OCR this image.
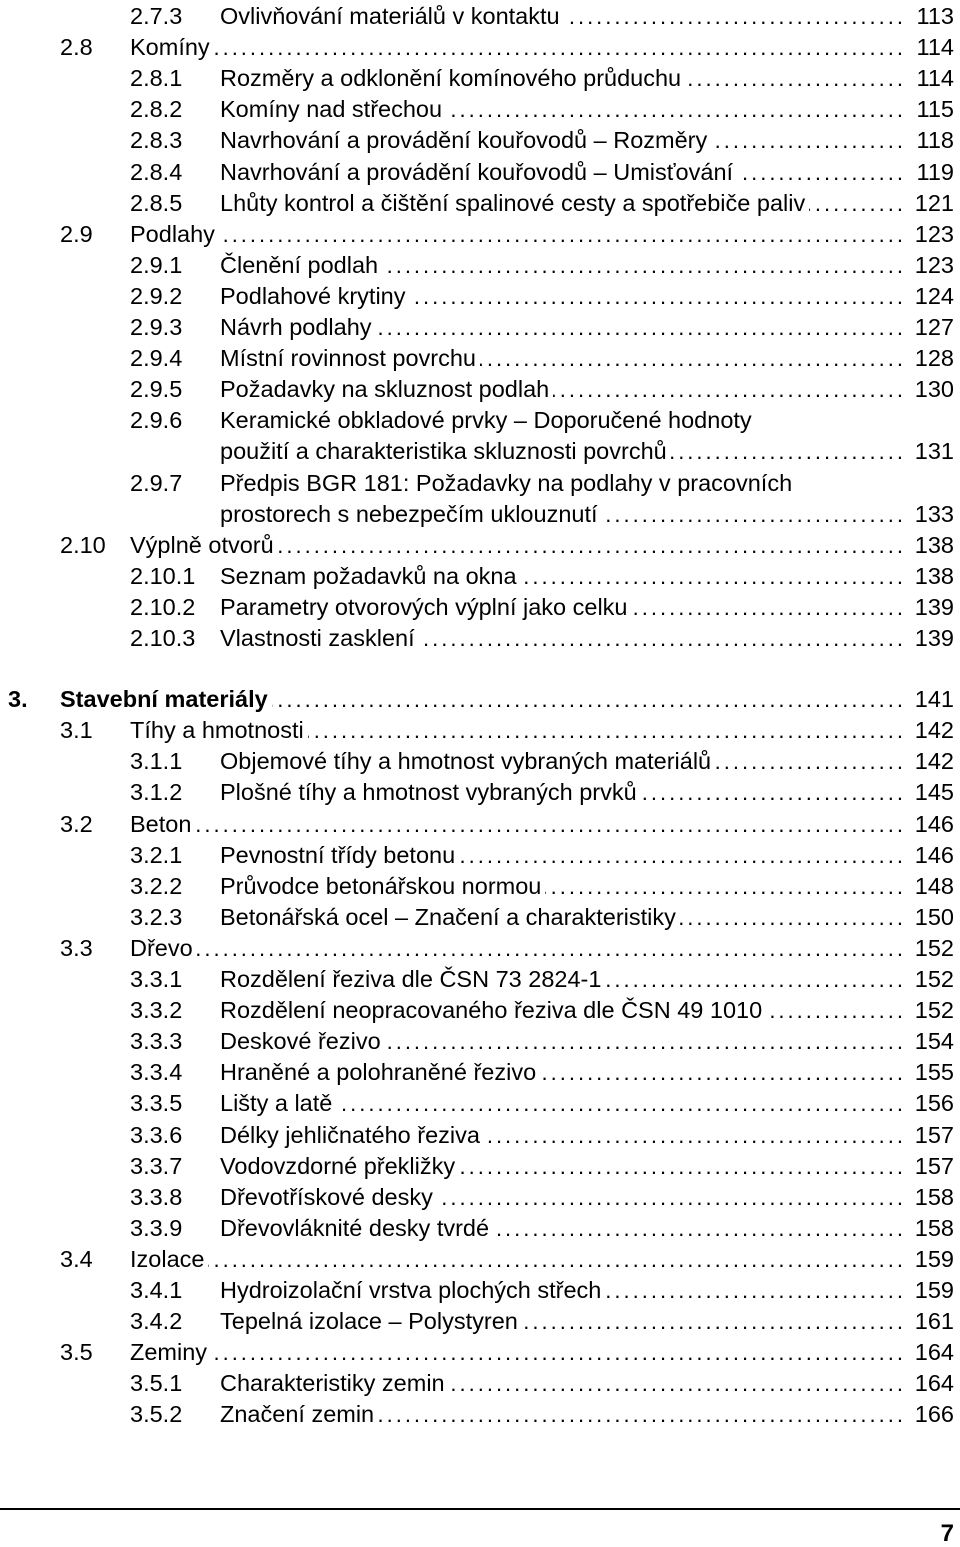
2.7.3 Ovlivňování materiálů v kontaktu .....	113
2.8 Komíny .....	114
2.8.1 Rozměry a odklonění komínového průduchu .....	114
2.8.2 Komíny nad střechou .....	115
2.8.3 Navrhování a provádění kouřovodů – Rozměry .....	118
2.8.4 Navrhování a provádění kouřovodů – Umisťování .....	119
2.8.5 Lhůty kontrol a čištění spalinové cesty a spotřebiče paliv .....	121
2.9 Podlahy .....	123
2.9.1 Členění podlah .....	123
2.9.2 Podlahové krytiny .....	124
2.9.3 Návrh podlahy .....	127
2.9.4 Místní rovinnost povrchu .....	128
2.9.5 Požadavky na skluznost podlah .....	130
2.9.6 Keramické obkladové prvky – Doporučené hodnoty
použití a charakteristika skluznosti povrchů .....	131
2.9.7 Předpis BGR 181: Požadavky na podlahy v pracovních
prostorech s nebezpečím uklouznutí .....	133
2.10 Výplně otvorů .....	138
2.10.1 Seznam požadavků na okna .....	138
2.10.2 Parametry otvorových výplní jako celku .....	139
2.10.3 Vlastnosti zasklení .....	139
3. Stavební materiály .....	141
3.1 Tíhy a hmotnosti .....	142
3.1.1 Objemové tíhy a hmotnost vybraných materiálů .....	142
3.1.2 Plošné tíhy a hmotnost vybraných prvků .....	145
3.2 Beton .....	146
3.2.1 Pevnostní třídy betonu .....	146
3.2.2 Průvodce betonářskou normou .....	148
3.2.3 Betonářská ocel – Značení a charakteristiky .....	150
3.3 Dřevo .....	152
3.3.1 Rozdělení řeziva dle ČSN 73 2824-1 .....	152
3.3.2 Rozdělení neopracovaného řeziva dle ČSN 49 1010 .....	152
3.3.3 Deskové řezivo .....	154
3.3.4 Hraněné a polohraněné řezivo .....	155
3.3.5 Lišty a latě .....	156
3.3.6 Délky jehličnatého řeziva .....	157
3.3.7 Vodovzdorné překližky .....	157
3.3.8 Dřevotřískové desky .....	158
3.3.9 Dřevovláknité desky tvrdé .....	158
3.4 Izolace .....	159
3.4.1 Hydroizolační vrstva plochých střech .....	159
3.4.2 Tepelná izolace – Polystyren .....	161
3.5 Zeminy .....	164
3.5.1 Charakteristiky zemin .....	164
3.5.2 Značení zemin .....	166
7
